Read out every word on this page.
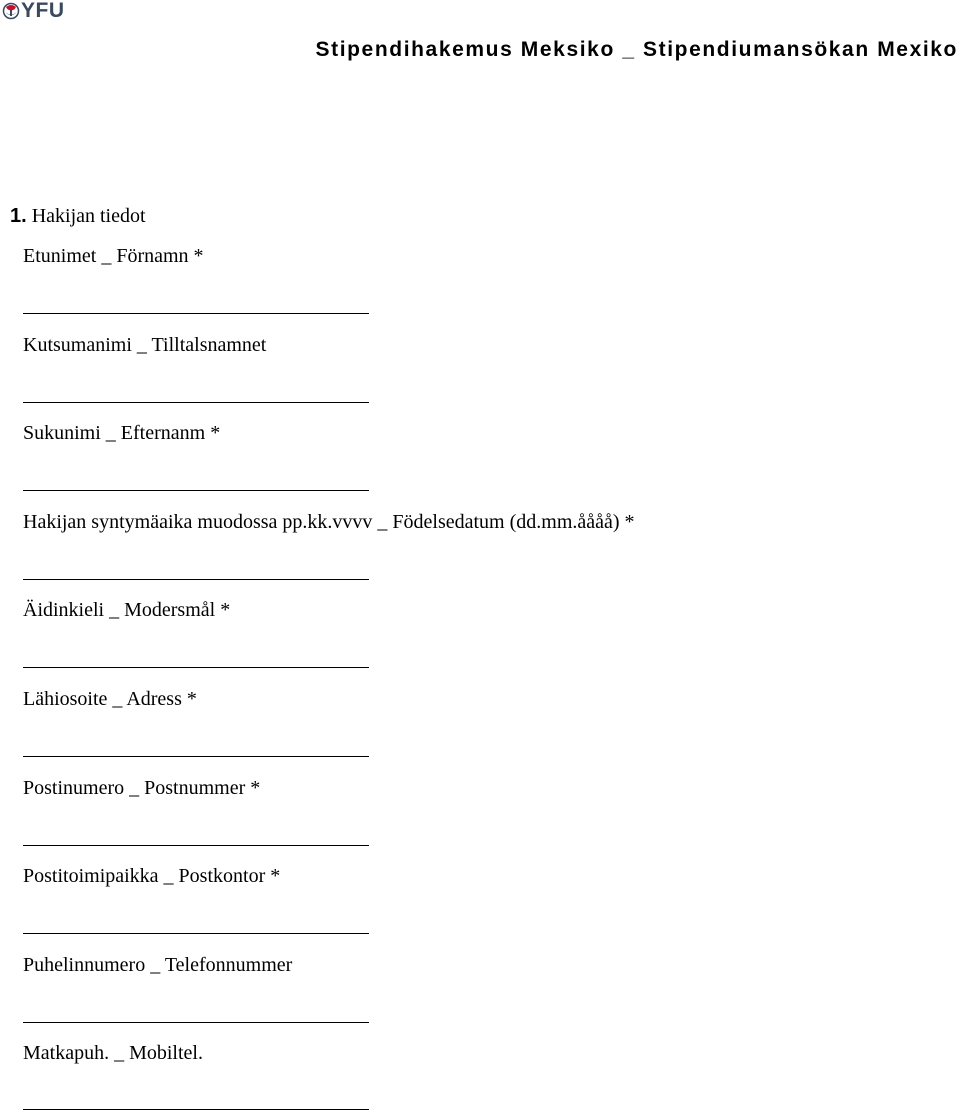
YFU
Stipendihakemus Meksiko _ Stipendiumansökan Mexiko
1. Hakijan tiedot
Etunimet _ Förnamn *
Kutsumanimi _ Tilltalsnamnet
Sukunimi _ Efternanm *
Hakijan syntymäaika muodossa pp.kk.vvvv _ Födelsedatum (dd.mm.åååå) *
Äidinkieli _ Modersmål *
Lähiosoite _ Adress *
Postinumero _ Postnummer *
Postitoimipaikka _ Postkontor *
Puhelinnumero _ Telefonnummer
Matkapuh. _ Mobiltel.
